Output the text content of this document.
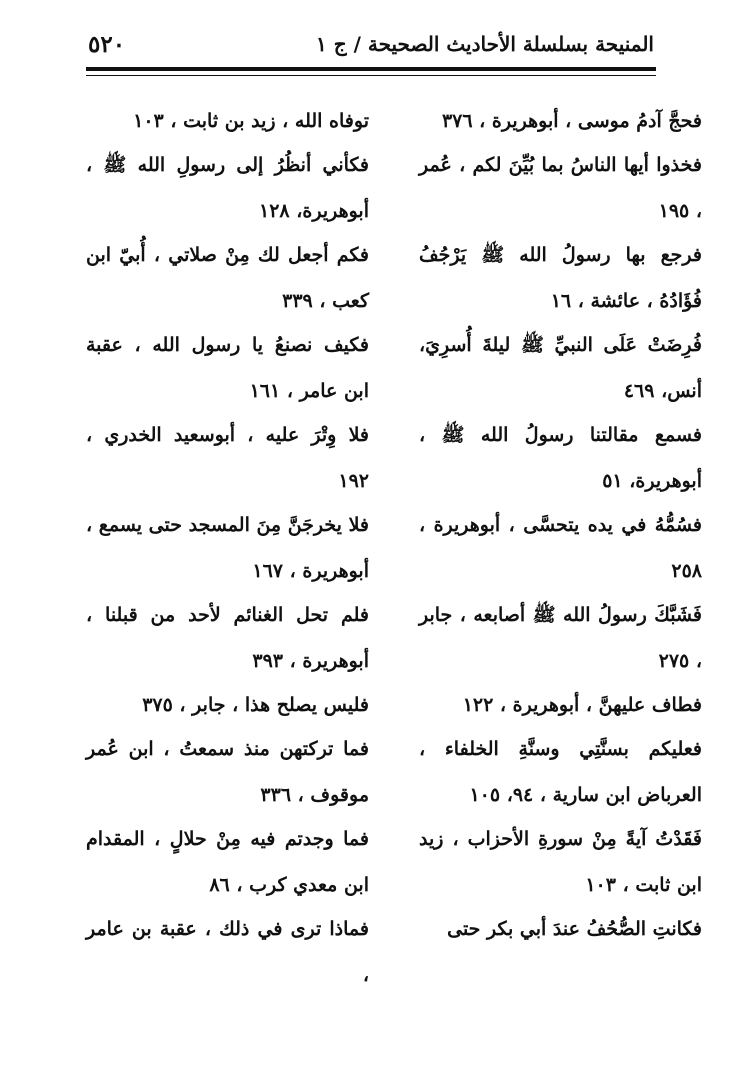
٥٢٠	المنيحة بسلسلة الأحاديث الصحيحة / ج ١

فحجَّ آدمُ موسى ، أبوهريرة ، ٣٧٦

فخذوا أيها الناسُ بما بُيِّنَ لكم ، عُمر ، ١٩٥

فرجع بها رسولُ الله ﷺ يَرْجُفُ فُؤَادُهُ ، عائشة ، ١٦

فُرِضَتْ عَلَى النبيِّ ﷺ ليلةَ أُسرِيَ، أنس، ٤٦٩

فسمع مقالتنا رسولُ الله ﷺ ، أبوهريرة، ٥١

فسُمُّهُ في يده يتحسَّى ، أبوهريرة ، ٢٥٨

فَشَبَّكَ رسولُ الله ﷺ أصابعه ، جابر ، ٢٧٥

فطاف عليهنَّ ، أبوهريرة ، ١٢٢

فعليكم بسنَّتِي وسنَّةِ الخلفاء ، العرباض ابن سارية ، ٩٤، ١٠٥

فَقَدْتُ آيةً مِنْ سورةِ الأحزاب ، زيد ابن ثابت ، ١٠٣

فكانتِ الصُّحُفُ عندَ أبي بكر حتى

توفاه الله ، زيد بن ثابت ، ١٠٣

فكأني أنظُرُ إلى رسولِ الله ﷺ ، أبوهريرة، ١٢٨

فكم أجعل لك مِنْ صلاتي ، أُبيّ ابن كعب ، ٣٣٩

فكيف نصنعُ يا رسول الله ، عقبة ابن عامر ، ١٦١

فلا وِتْرَ عليه ، أبوسعيد الخدري ، ١٩٢

فلا يخرجَنَّ مِنَ المسجد حتى يسمع ، أبوهريرة ، ١٦٧

فلم تحل الغنائم لأحد من قبلنا ، أبوهريرة ، ٣٩٣

فليس يصلح هذا ، جابر ، ٣٧٥

فما تركتهن منذ سمعتُ ، ابن عُمر موقوف ، ٣٣٦

فما وجدتم فيه مِنْ حلالٍ ، المقدام ابن معدي كرب ، ٨٦

فماذا ترى في ذلك ، عقبة بن عامر ،
